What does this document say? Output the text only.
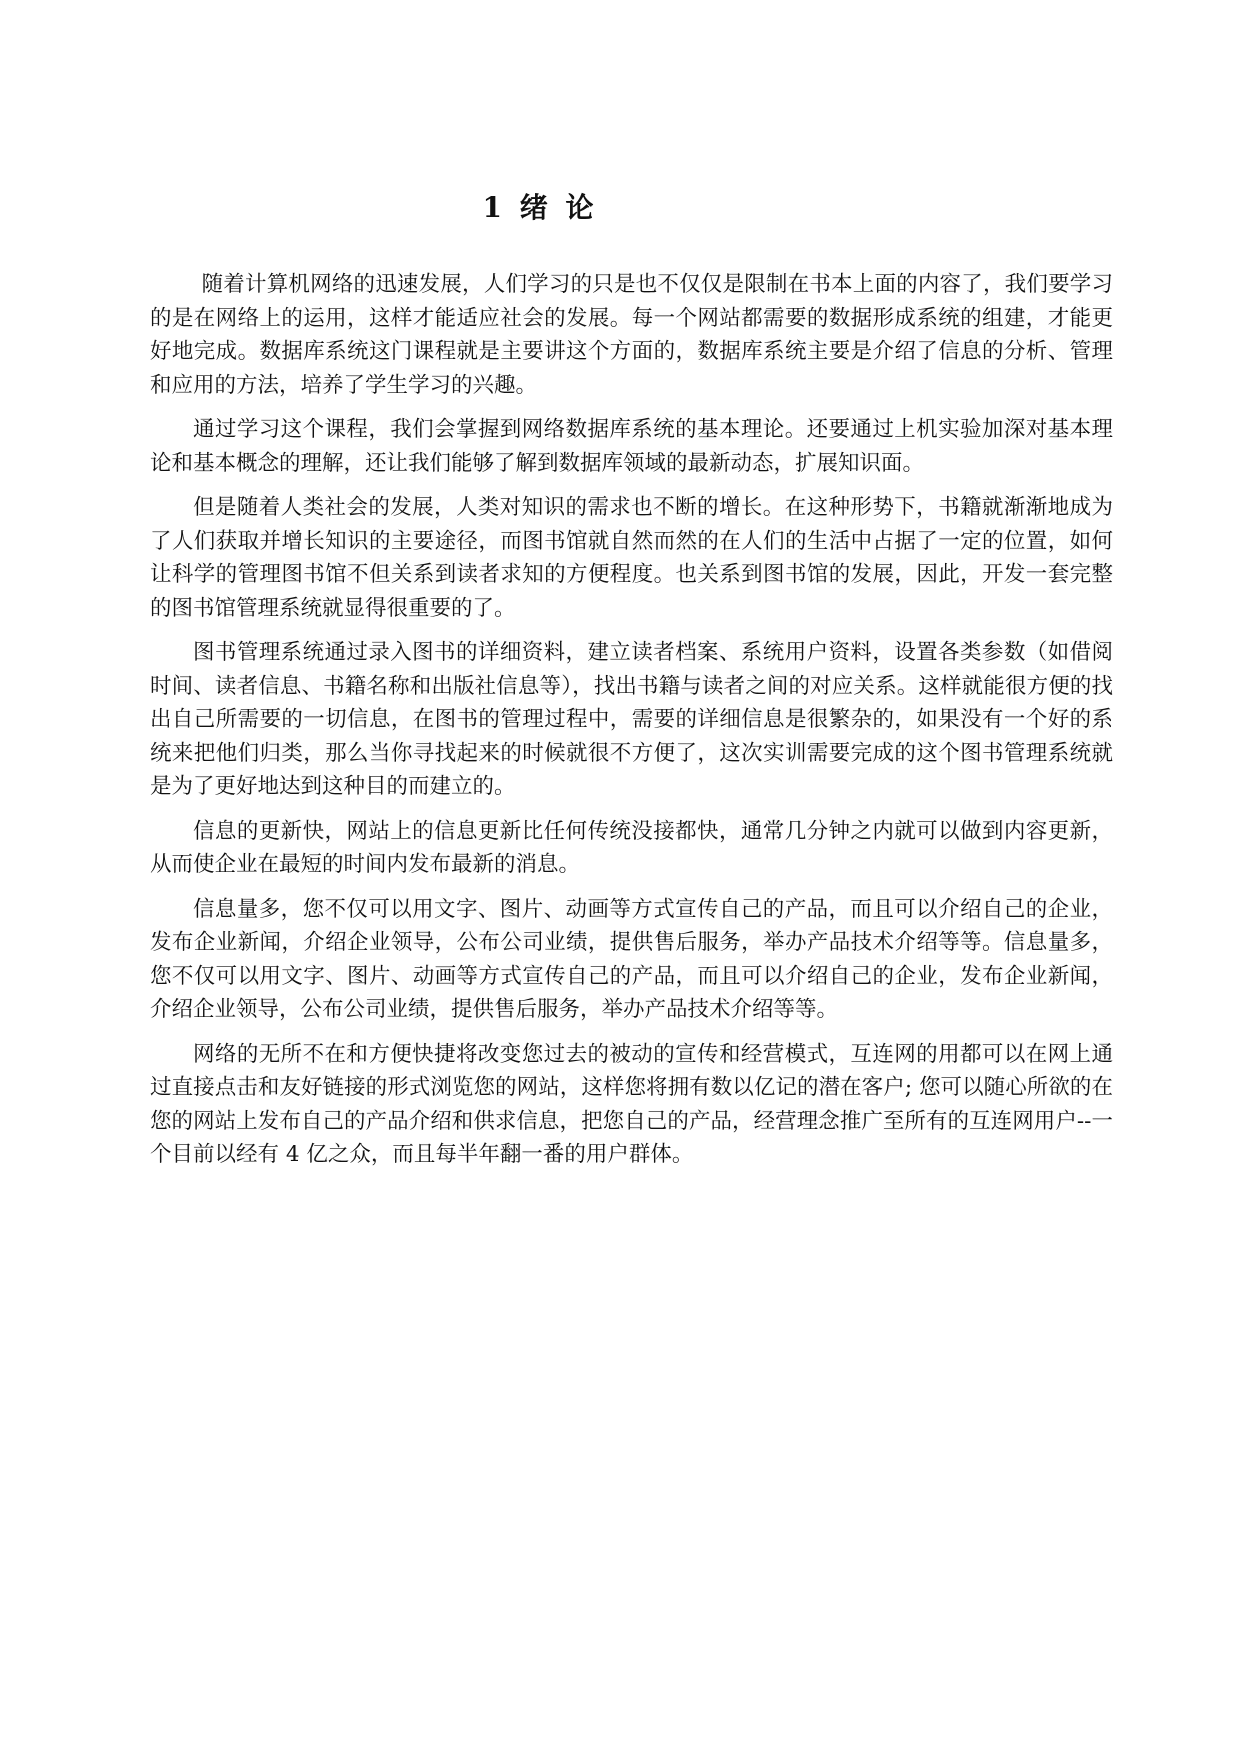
1 绪 论

随着计算机网络的迅速发展，人们学习的只是也不仅仅是限制在书本上面的内容了，我们要学习的是在网络上的运用，这样才能适应社会的发展。每一个网站都需要的数据形成系统的组建，才能更好地完成。数据库系统这门课程就是主要讲这个方面的，数据库系统主要是介绍了信息的分析、管理和应用的方法，培养了学生学习的兴趣。

通过学习这个课程，我们会掌握到网络数据库系统的基本理论。还要通过上机实验加深对基本理论和基本概念的理解，还让我们能够了解到数据库领域的最新动态，扩展知识面。

但是随着人类社会的发展，人类对知识的需求也不断的增长。在这种形势下，书籍就渐渐地成为了人们获取并增长知识的主要途径，而图书馆就自然而然的在人们的生活中占据了一定的位置，如何让科学的管理图书馆不但关系到读者求知的方便程度。也关系到图书馆的发展，因此，开发一套完整的图书馆管理系统就显得很重要的了。

图书管理系统通过录入图书的详细资料，建立读者档案、系统用户资料，设置各类参数（如借阅时间、读者信息、书籍名称和出版社信息等），找出书籍与读者之间的对应关系。这样就能很方便的找出自己所需要的一切信息，在图书的管理过程中，需要的详细信息是很繁杂的，如果没有一个好的系统来把他们归类，那么当你寻找起来的时候就很不方便了，这次实训需要完成的这个图书管理系统就是为了更好地达到这种目的而建立的。

信息的更新快，网站上的信息更新比任何传统没接都快，通常几分钟之内就可以做到内容更新，从而使企业在最短的时间内发布最新的消息。

信息量多，您不仅可以用文字、图片、动画等方式宣传自己的产品，而且可以介绍自己的企业，发布企业新闻，介绍企业领导，公布公司业绩，提供售后服务，举办产品技术介绍等等。信息量多，您不仅可以用文字、图片、动画等方式宣传自己的产品，而且可以介绍自己的企业，发布企业新闻，介绍企业领导，公布公司业绩，提供售后服务，举办产品技术介绍等等。

网络的无所不在和方便快捷将改变您过去的被动的宣传和经营模式，互连网的用都可以在网上通过直接点击和友好链接的形式浏览您的网站，这样您将拥有数以亿记的潜在客户; 您可以随心所欲的在您的网站上发布自己的产品介绍和供求信息，把您自己的产品，经营理念推广至所有的互连网用户--一个目前以经有 4 亿之众，而且每半年翻一番的用户群体。
